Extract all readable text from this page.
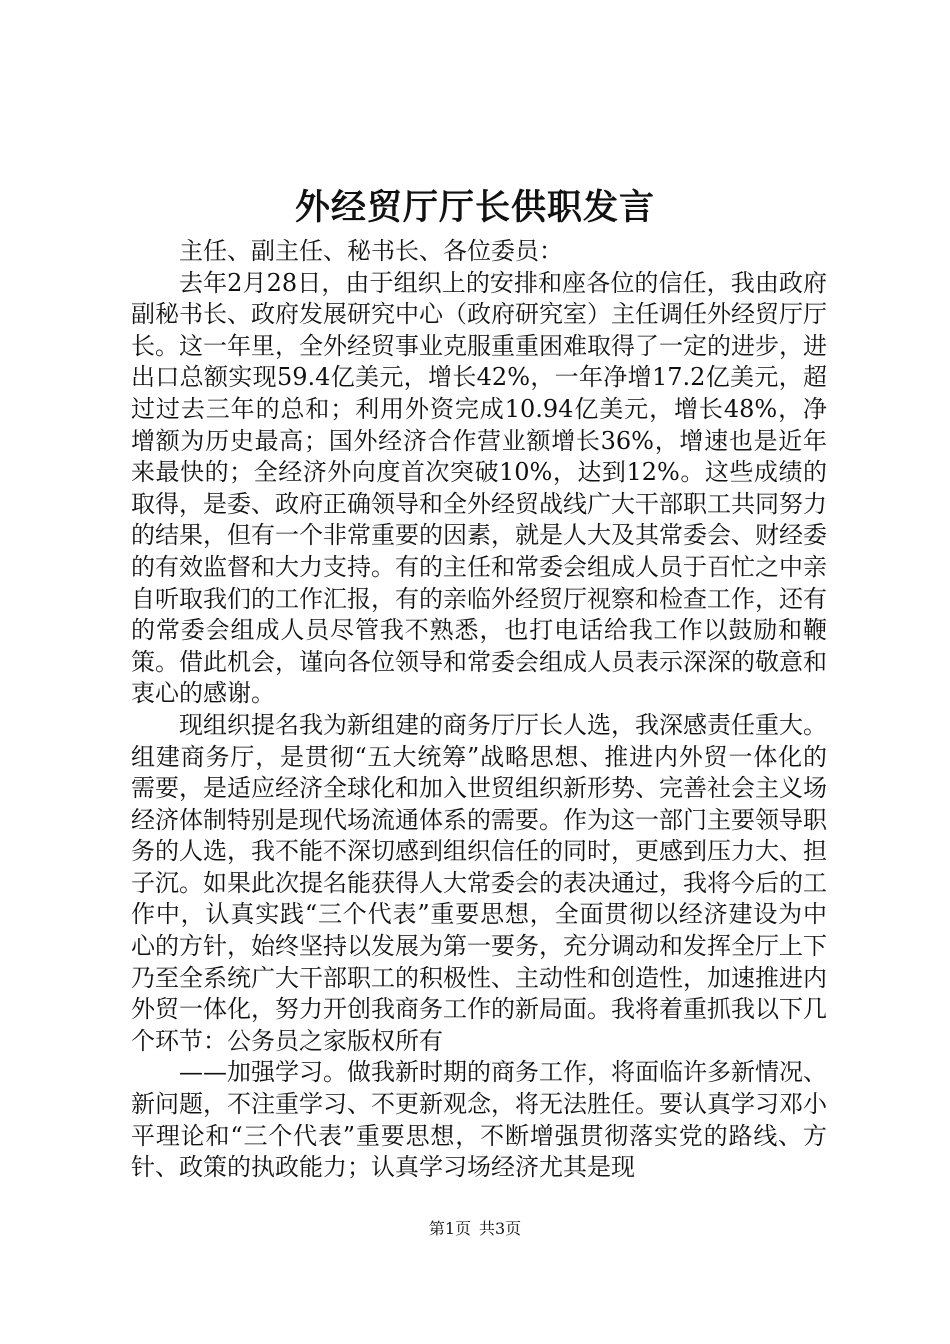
外经贸厅厅长供职发言

主任、副主任、秘书长、各位委员：

去年2月28日，由于组织上的安排和座各位的信任，我由政府副秘书长、政府发展研究中心（政府研究室）主任调任外经贸厅厅长。这一年里，全外经贸事业克服重重困难取得了一定的进步，进出口总额实现59.4亿美元，增长42%，一年净增17.2亿美元，超过过去三年的总和；利用外资完成10.94亿美元，增长48%，净增额为历史最高；国外经济合作营业额增长36%，增速也是近年来最快的；全经济外向度首次突破10%，达到12%。这些成绩的取得，是委、政府正确领导和全外经贸战线广大干部职工共同努力的结果，但有一个非常重要的因素，就是人大及其常委会、财经委的有效监督和大力支持。有的主任和常委会组成人员于百忙之中亲自听取我们的工作汇报，有的亲临外经贸厅视察和检查工作，还有的常委会组成人员尽管我不熟悉，也打电话给我工作以鼓励和鞭策。借此机会，谨向各位领导和常委会组成人员表示深深的敬意和衷心的感谢。

现组织提名我为新组建的商务厅厅长人选，我深感责任重大。组建商务厅，是贯彻“五大统筹”战略思想、推进内外贸一体化的需要，是适应经济全球化和加入世贸组织新形势、完善社会主义场经济体制特别是现代场流通体系的需要。作为这一部门主要领导职务的人选，我不能不深切感到组织信任的同时，更感到压力大、担子沉。如果此次提名能获得人大常委会的表决通过，我将今后的工作中，认真实践“三个代表”重要思想，全面贯彻以经济建设为中心的方针，始终坚持以发展为第一要务，充分调动和发挥全厅上下乃至全系统广大干部职工的积极性、主动性和创造性，加速推进内外贸一体化，努力开创我商务工作的新局面。我将着重抓我以下几个环节：公务员之家版权所有

——加强学习。做我新时期的商务工作，将面临许多新情况、新问题，不注重学习、不更新观念，将无法胜任。要认真学习邓小平理论和“三个代表”重要思想，不断增强贯彻落实党的路线、方针、政策的执政能力；认真学习场经济尤其是现

第1页 共3页
